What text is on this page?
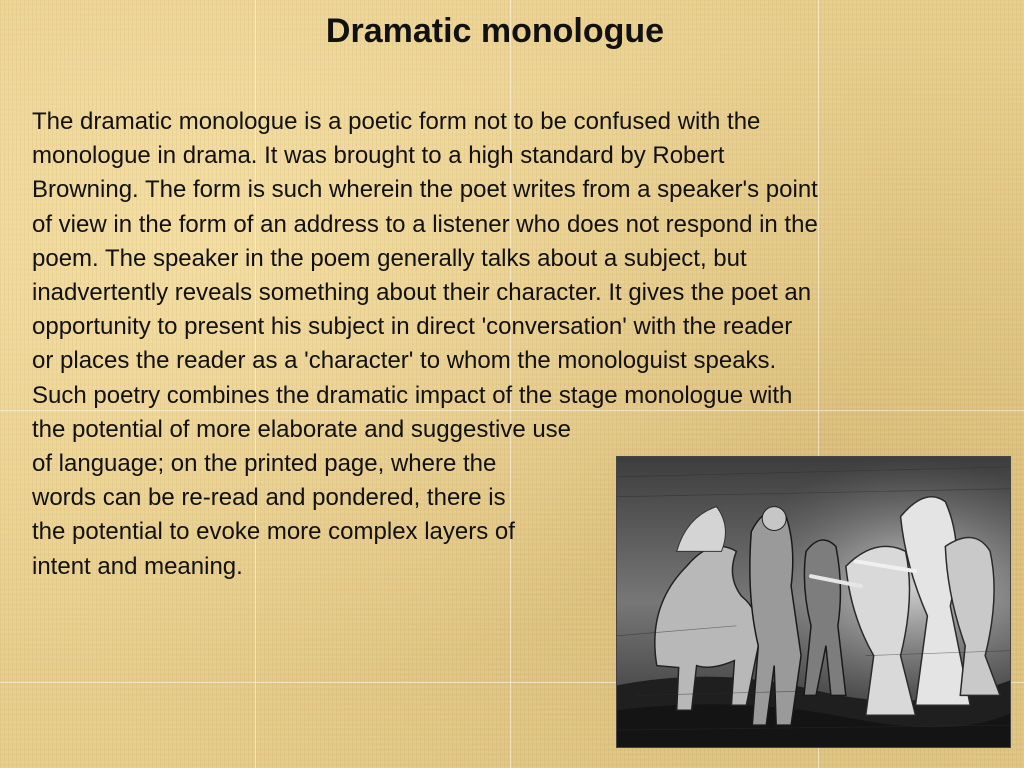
Dramatic monologue

The dramatic monologue is a poetic form not to be confused with the
monologue in drama. It was brought to a high standard by Robert
Browning. The form is such wherein the poet writes from a speaker's point
of view in the form of an address to a listener who does not respond in the
poem. The speaker in the poem generally talks about a subject, but
inadvertently reveals something about their character. It gives the poet an
opportunity to present his subject in direct 'conversation' with the reader
or places the reader as a 'character' to whom the monologuist speaks.
Such poetry combines the dramatic impact of the stage monologue with
the potential of more elaborate and suggestive use
of language; on the printed page, where the
words can be re-read and pondered, there is
the potential to evoke more complex layers of
intent and meaning.
